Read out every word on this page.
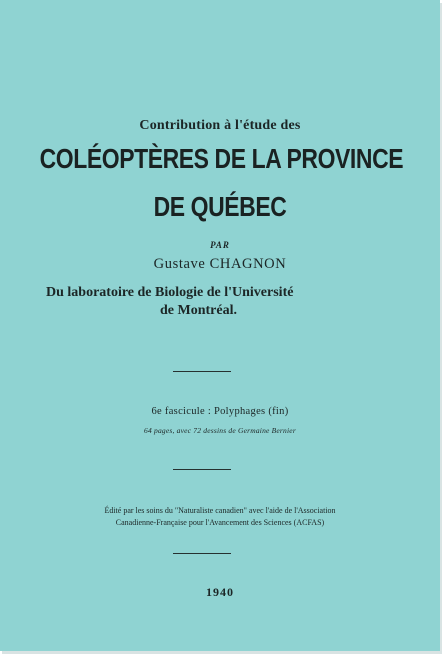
Contribution à l'étude des
COLÉOPTÈRES DE LA PROVINCE
DE QUÉBEC
PAR
Gustave CHAGNON
Du laboratoire de Biologie de l'Université
de Montréal.
6e fascicule : Polyphages (fin)
64 pages, avec 72 dessins de Germaine Bernier
Édité par les soins du "Naturaliste canadien" avec l'aide de l'Association
Canadienne-Française pour l'Avancement des Sciences (ACFAS)
1940
